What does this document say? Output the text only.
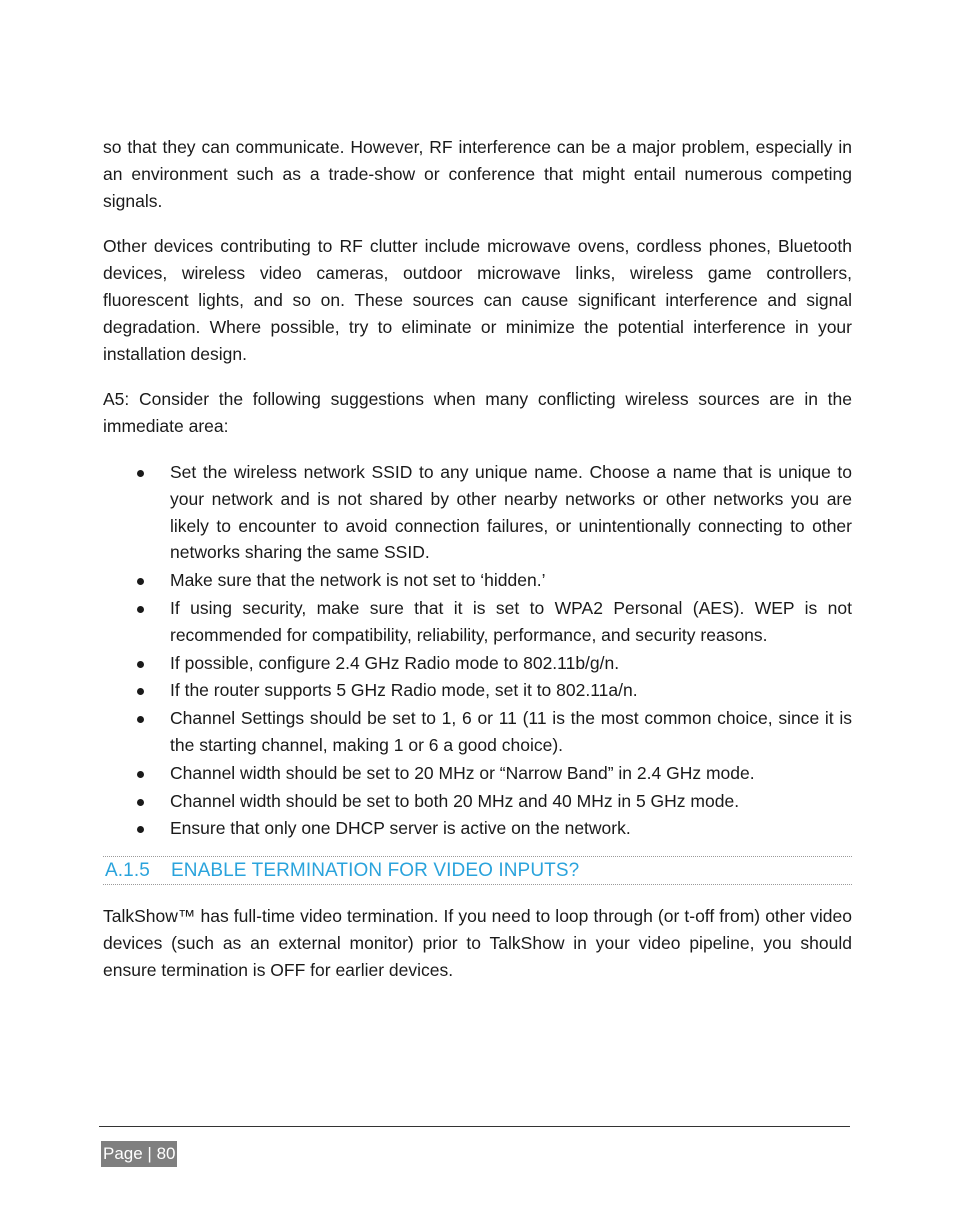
so that they can communicate. However, RF interference can be a major problem, especially in an environment such as a trade-show or conference that might entail numerous competing signals.

Other devices contributing to RF clutter include microwave ovens, cordless phones, Bluetooth devices, wireless video cameras, outdoor microwave links, wireless game controllers, fluorescent lights, and so on. These sources can cause significant interference and signal degradation. Where possible, try to eliminate or minimize the potential interference in your installation design.

A5: Consider the following suggestions when many conflicting wireless sources are in the immediate area:

Set the wireless network SSID to any unique name. Choose a name that is unique to your network and is not shared by other nearby networks or other networks you are likely to encounter to avoid connection failures, or unintentionally connecting to other networks sharing the same SSID.
Make sure that the network is not set to ‘hidden.’
If using security, make sure that it is set to WPA2 Personal (AES). WEP is not recommended for compatibility, reliability, performance, and security reasons.
If possible, configure 2.4 GHz Radio mode to 802.11b/g/n.
If the router supports 5 GHz Radio mode, set it to 802.11a/n.
Channel Settings should be set to 1, 6 or 11 (11 is the most common choice, since it is the starting channel, making 1 or 6 a good choice).
Channel width should be set to 20 MHz or “Narrow Band” in 2.4 GHz mode.
Channel width should be set to both 20 MHz and 40 MHz in 5 GHz mode.
Ensure that only one DHCP server is active on the network.
A.1.5 ENABLE TERMINATION FOR VIDEO INPUTS?

TalkShow™ has full-time video termination. If you need to loop through (or t-off from) other video devices (such as an external monitor) prior to TalkShow in your video pipeline, you should ensure termination is OFF for earlier devices.

Page | 80
